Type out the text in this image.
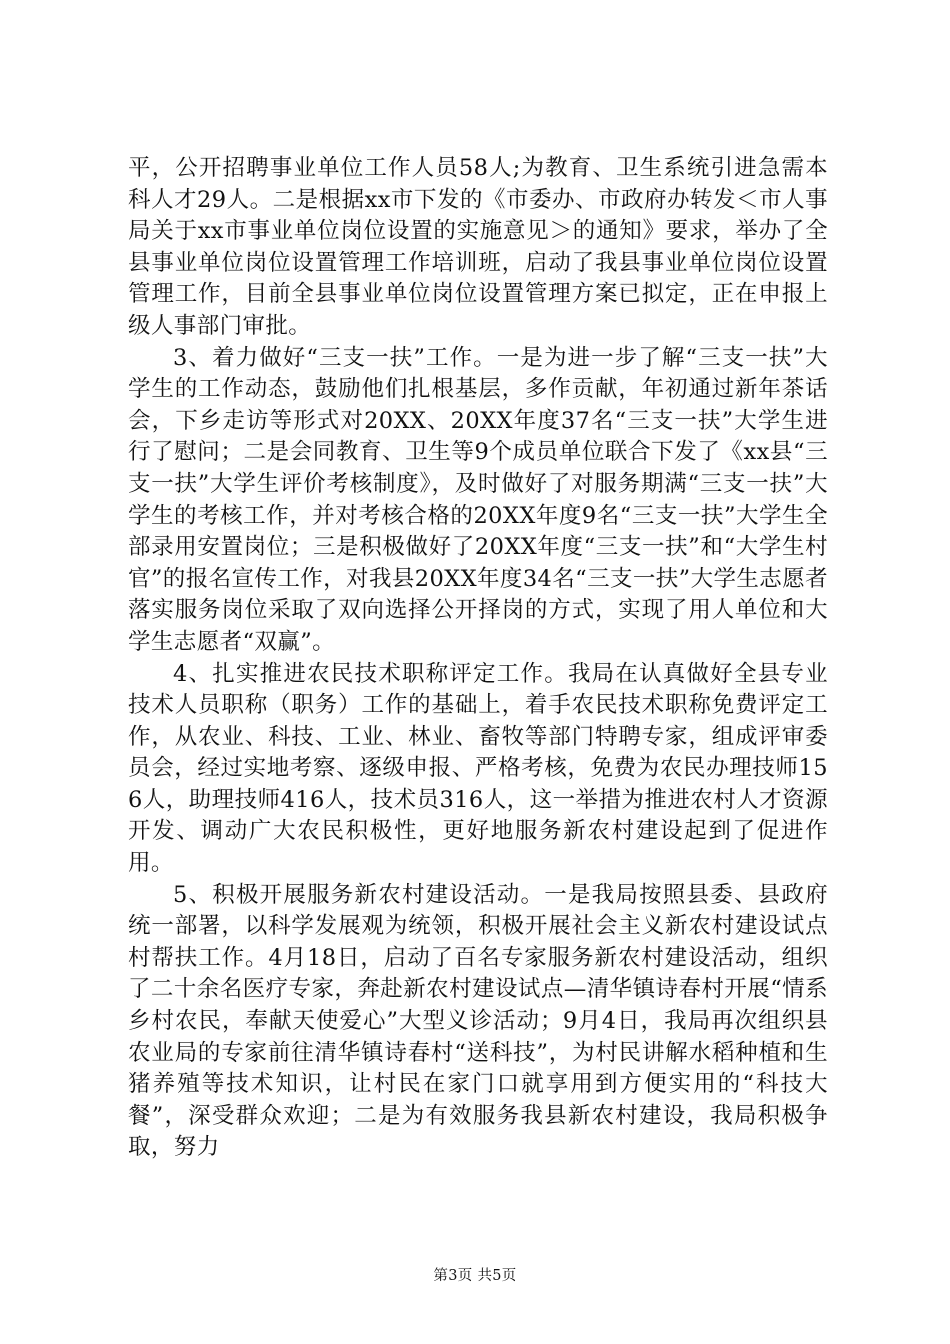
平，公开招聘事业单位工作人员58人;为教育、卫生系统引进急需本科人才29人。二是根据xx市下发的《市委办、市政府办转发＜市人事局关于xx市事业单位岗位设置的实施意见＞的通知》要求，举办了全县事业单位岗位设置管理工作培训班，启动了我县事业单位岗位设置管理工作，目前全县事业单位岗位设置管理方案已拟定，正在申报上级人事部门审批。

3、着力做好“三支一扶”工作。一是为进一步了解“三支一扶”大学生的工作动态，鼓励他们扎根基层，多作贡献，年初通过新年茶话会，下乡走访等形式对20XX、20XX年度37名“三支一扶”大学生进行了慰问；二是会同教育、卫生等9个成员单位联合下发了《xx县“三支一扶”大学生评价考核制度》，及时做好了对服务期满“三支一扶”大学生的考核工作，并对考核合格的20XX年度9名“三支一扶”大学生全部录用安置岗位；三是积极做好了20XX年度“三支一扶”和“大学生村官”的报名宣传工作，对我县20XX年度34名“三支一扶”大学生志愿者落实服务岗位采取了双向选择公开择岗的方式，实现了用人单位和大学生志愿者“双赢”。

4、扎实推进农民技术职称评定工作。我局在认真做好全县专业技术人员职称（职务）工作的基础上，着手农民技术职称免费评定工作，从农业、科技、工业、林业、畜牧等部门特聘专家，组成评审委员会，经过实地考察、逐级申报、严格考核，免费为农民办理技师156人，助理技师416人，技术员316人，这一举措为推进农村人才资源开发、调动广大农民积极性，更好地服务新农村建设起到了促进作用。

5、积极开展服务新农村建设活动。一是我局按照县委、县政府统一部署，以科学发展观为统领，积极开展社会主义新农村建设试点村帮扶工作。4月18日，启动了百名专家服务新农村建设活动，组织了二十余名医疗专家，奔赴新农村建设试点—清华镇诗春村开展“情系乡村农民，奉献天使爱心”大型义诊活动；9月4日，我局再次组织县农业局的专家前往清华镇诗春村“送科技”，为村民讲解水稻种植和生猪养殖等技术知识，让村民在家门口就享用到方便实用的“科技大餐”，深受群众欢迎；二是为有效服务我县新农村建设，我局积极争取，努力

第3页 共5页
